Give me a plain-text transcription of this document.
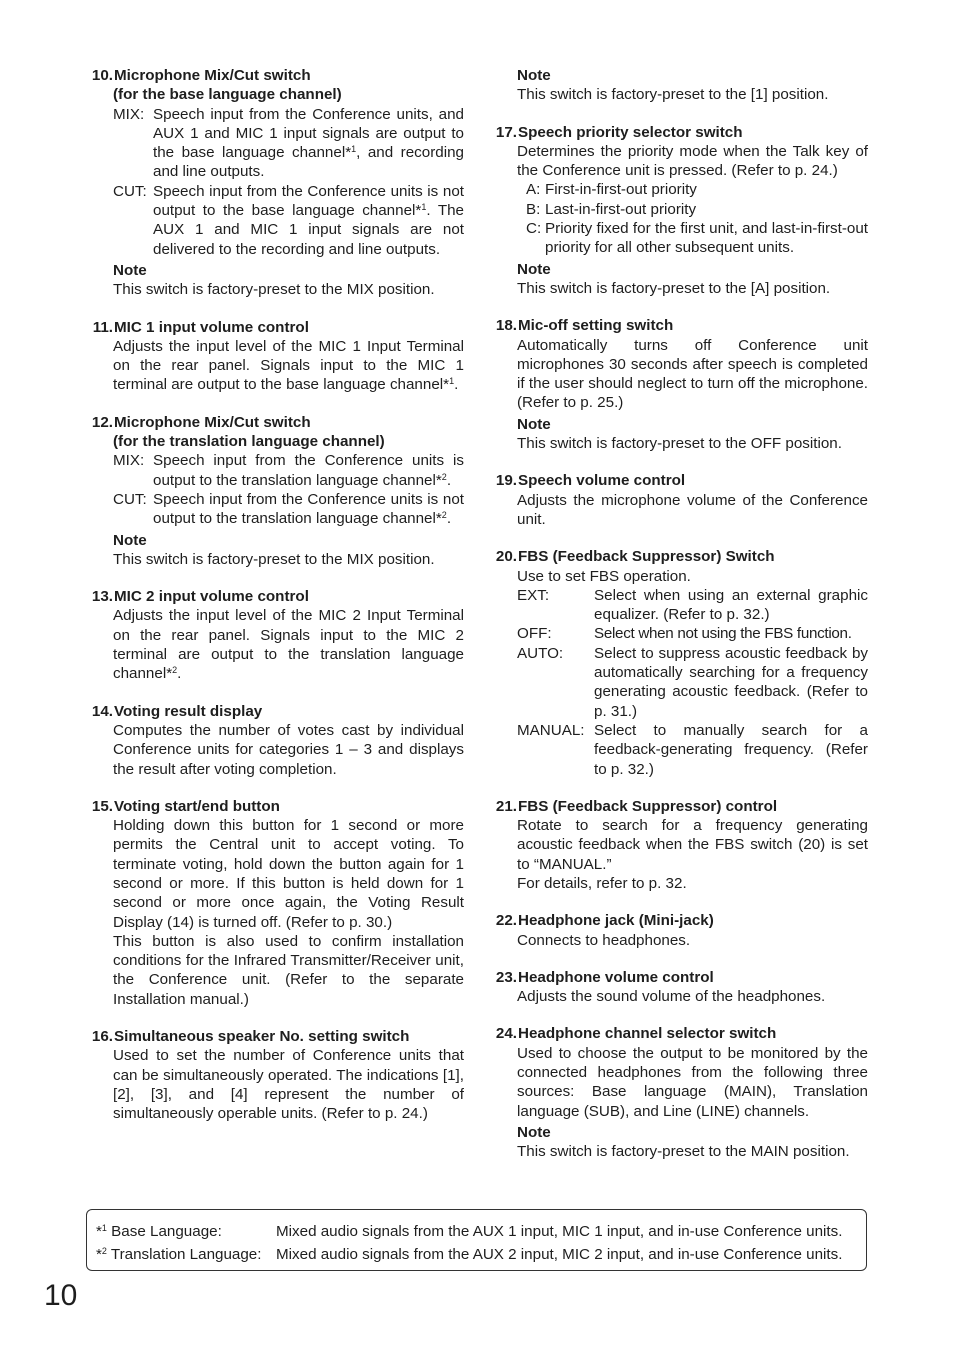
10. Microphone Mix/Cut switch
(for the base language channel)
MIX: Speech input from the Conference units, and AUX 1 and MIC 1 input signals are output to the base language channel*$^1$, and recording and line outputs.
CUT: Speech input from the Conference units is not output to the base language channel*$^1$. The AUX 1 and MIC 1 input signals are not delivered to the recording and line outputs.
Note
This switch is factory-preset to the MIX position.
11. MIC 1 input volume control
Adjusts the input level of the MIC 1 Input Terminal on the rear panel. Signals input to the MIC 1 terminal are output to the base language channel*$^1$.
12. Microphone Mix/Cut switch
(for the translation language channel)
MIX: Speech input from the Conference units is output to the translation language channel*$^2$.
CUT: Speech input from the Conference units is not output to the translation language channel*$^2$.
Note
This switch is factory-preset to the MIX position.
13. MIC 2 input volume control
Adjusts the input level of the MIC 2 Input Terminal on the rear panel. Signals input to the MIC 2 terminal are output to the translation language channel*$^2$.
14. Voting result display
Computes the number of votes cast by individual Conference units for categories 1 – 3 and displays the result after voting completion.
15. Voting start/end button
Holding down this button for 1 second or more permits the Central unit to accept voting. To terminate voting, hold down the button again for 1 second or more. If this button is held down for 1 second or more once again, the Voting Result Display (14) is turned off. (Refer to p. 30.)
This button is also used to confirm installation conditions for the Infrared Transmitter/Receiver unit, the Conference unit. (Refer to the separate Installation manual.)
16. Simultaneous speaker No. setting switch
Used to set the number of Conference units that can be simultaneously operated. The indications [1], [2], [3], and [4] represent the number of simultaneously operable units. (Refer to p. 24.)
Note
This switch is factory-preset to the [1] position.
17. Speech priority selector switch
Determines the priority mode when the Talk key of the Conference unit is pressed. (Refer to p. 24.)
A: First-in-first-out priority
B: Last-in-first-out priority
C: Priority fixed for the first unit, and last-in-first-out priority for all other subsequent units.
Note
This switch is factory-preset to the [A] position.
18. Mic-off setting switch
Automatically turns off Conference unit microphones 30 seconds after speech is completed if the user should neglect to turn off the microphone. (Refer to p. 25.)
Note
This switch is factory-preset to the OFF position.
19. Speech volume control
Adjusts the microphone volume of the Conference unit.
20. FBS (Feedback Suppressor) Switch
Use to set FBS operation.
EXT:	Select when using an external graphic equalizer. (Refer to p. 32.)
OFF:	Select when not using the FBS function.
AUTO:	Select to suppress acoustic feedback by automatically searching for a frequency generating acoustic feedback. (Refer to p. 31.)
MANUAL: Select to manually search for a feedback-generating frequency. (Refer to p. 32.)
21. FBS (Feedback Suppressor) control
Rotate to search for a frequency generating acoustic feedback when the FBS switch (20) is set to “MANUAL.”
For details, refer to p. 32.
22. Headphone jack (Mini-jack)
Connects to headphones.
23. Headphone volume control
Adjusts the sound volume of the headphones.
24. Headphone channel selector switch
Used to choose the output to be monitored by the connected headphones from the following three sources: Base language (MAIN), Translation language (SUB), and Line (LINE) channels.
Note
This switch is factory-preset to the MAIN position.
*$^1$ Base Language:	Mixed audio signals from the AUX 1 input, MIC 1 input, and in-use Conference units.
*$^2$ Translation Language: Mixed audio signals from the AUX 2 input, MIC 2 input, and in-use Conference units.
10
